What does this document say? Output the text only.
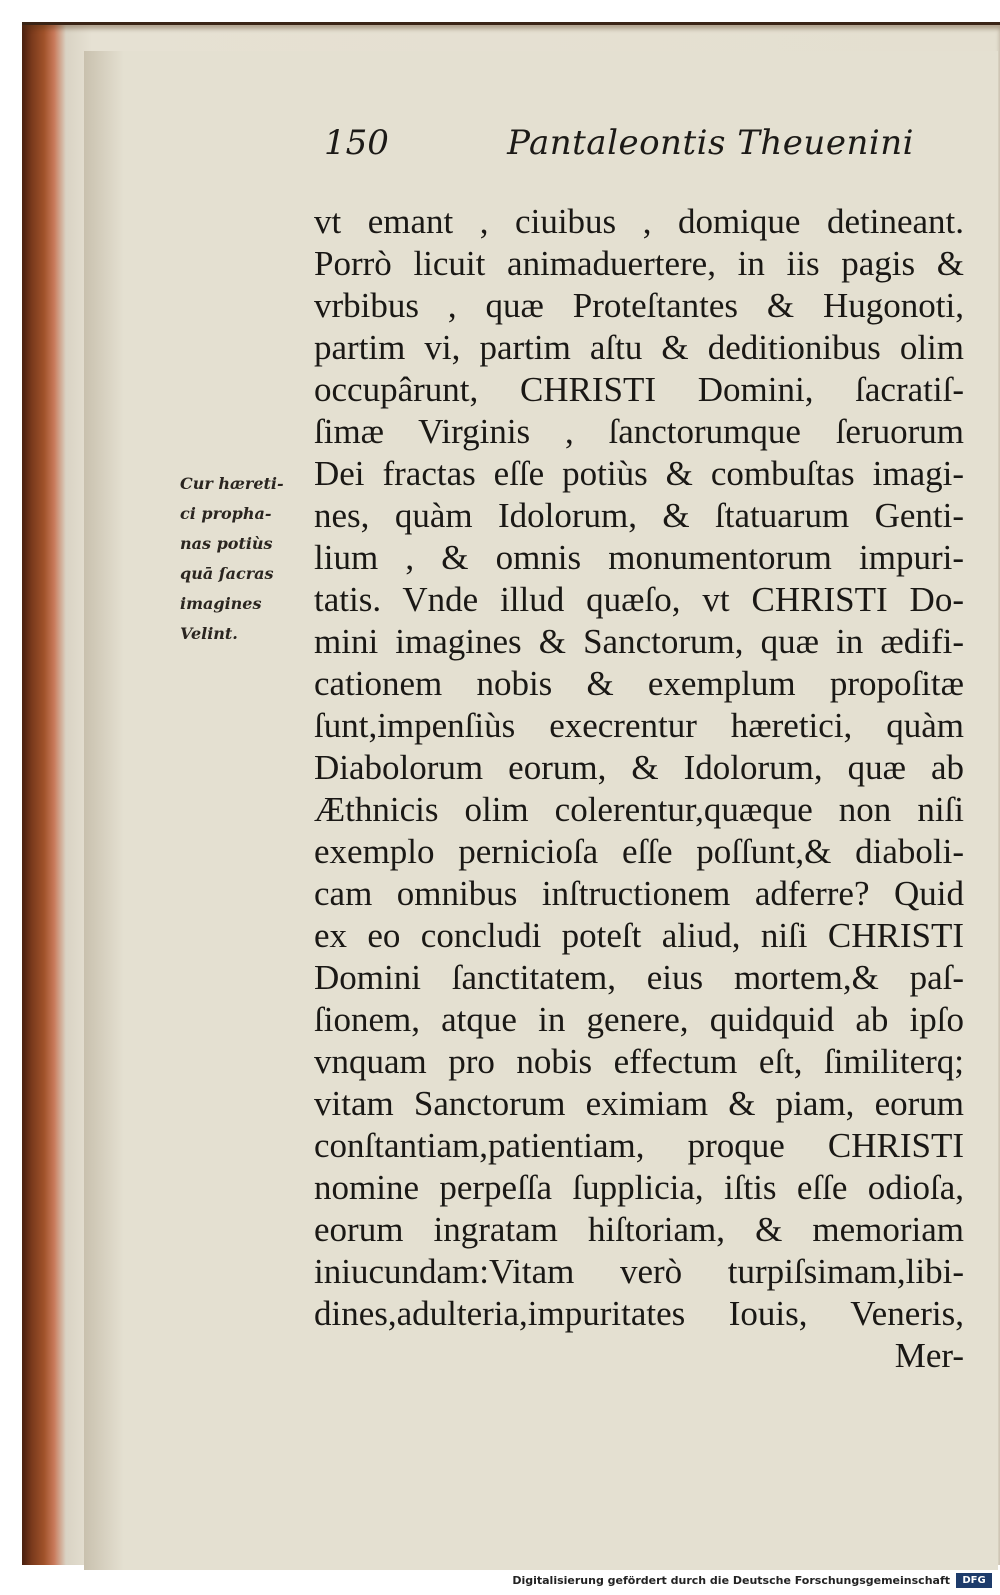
150	Pantaleontis Theuenini
Cur hæreti-
ci propha-
nas potiùs
quā ſacras
imagines
Velint.
vt emant , ciuibus , domique detineant.
Porrò licuit animaduertere, in iis pagis &
vrbibus , quæ Proteſtantes & Hugonoti,
partim vi, partim aſtu & deditionibus olim
occupârunt, CHRISTI Domini, ſacratiſ-
ſimæ Virginis , ſanctorumque ſeruorum
Dei fractas eſſe potiùs & combuſtas imagi-
nes, quàm Idolorum, & ſtatuarum Genti-
lium , & omnis monumentorum impuri-
tatis. Vnde illud quæſo, vt CHRISTI Do-
mini imagines & Sanctorum, quæ in ædifi-
cationem nobis & exemplum propoſitæ
ſunt,impenſiùs execrentur hæretici, quàm
Diabolorum eorum, & Idolorum, quæ ab
Æthnicis olim colerentur,quæque non niſi
exemplo pernicioſa eſſe poſſunt,& diaboli-
cam omnibus inſtructionem adferre? Quid
ex eo concludi poteſt aliud, niſi CHRISTI
Domini ſanctitatem, eius mortem,& paſ-
ſionem, atque in genere, quidquid ab ipſo
vnquam pro nobis effectum eſt, ſimiliterq;
vitam Sanctorum eximiam & piam, eorum
conſtantiam,patientiam, proque CHRISTI
nomine perpeſſa ſupplicia, iſtis eſſe odioſa,
eorum ingratam hiſtoriam, & memoriam
iniucundam:Vitam verò turpiſsimam,libi-
dines,adulteria,impuritates Iouis, Veneris,
Mer-
Digitalisierung gefördert durch die Deutsche Forschungsgemeinschaft	DFG
